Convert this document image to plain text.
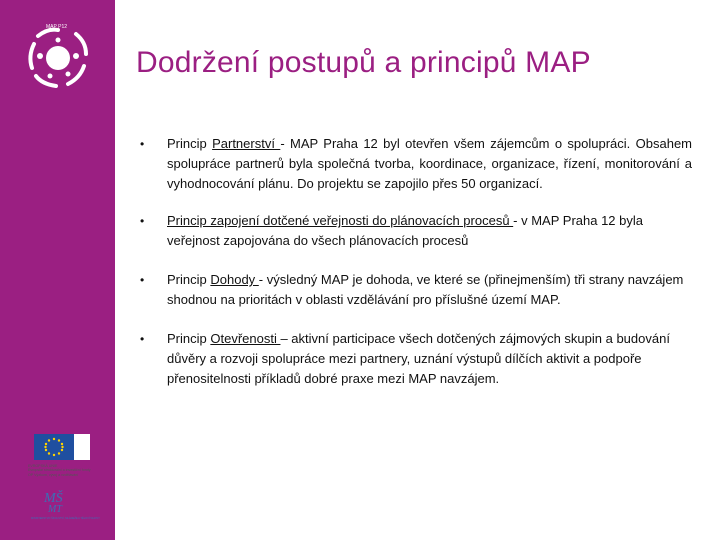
MAP P12
EVROPSKÁ UNIE
Evropské strukturální a investiční fondy
OP Výzkum, vývoj a vzdělávání
MŠ
MT
MINISTERSTVO ŠKOLSTVÍ, MLÁDEŽE A TĚLOVÝCHOVY
Dodržení postupů a principů MAP
• Princip Partnerství - MAP Praha 12 byl otevřen všem zájemcům o spolupráci. Obsahem spolupráce partnerů byla společná tvorba, koordinace, organizace, řízení, monitorování a vyhodnocování plánu. Do projektu se zapojilo přes 50 organizací.
• Princip zapojení dotčené veřejnosti do plánovacích procesů - v MAP Praha 12 byla veřejnost zapojována do všech plánovacích procesů
• Princip Dohody - výsledný MAP je dohoda, ve které se (přinejmenším) tři strany navzájem shodnou na prioritách v oblasti vzdělávání pro příslušné území MAP.
• Princip Otevřenosti – aktivní participace všech dotčených zájmových skupin a budování důvěry a rozvoji spolupráce mezi partnery, uznání výstupů dílčích aktivit a podpoře přenositelnosti příkladů dobré praxe mezi MAP navzájem.
